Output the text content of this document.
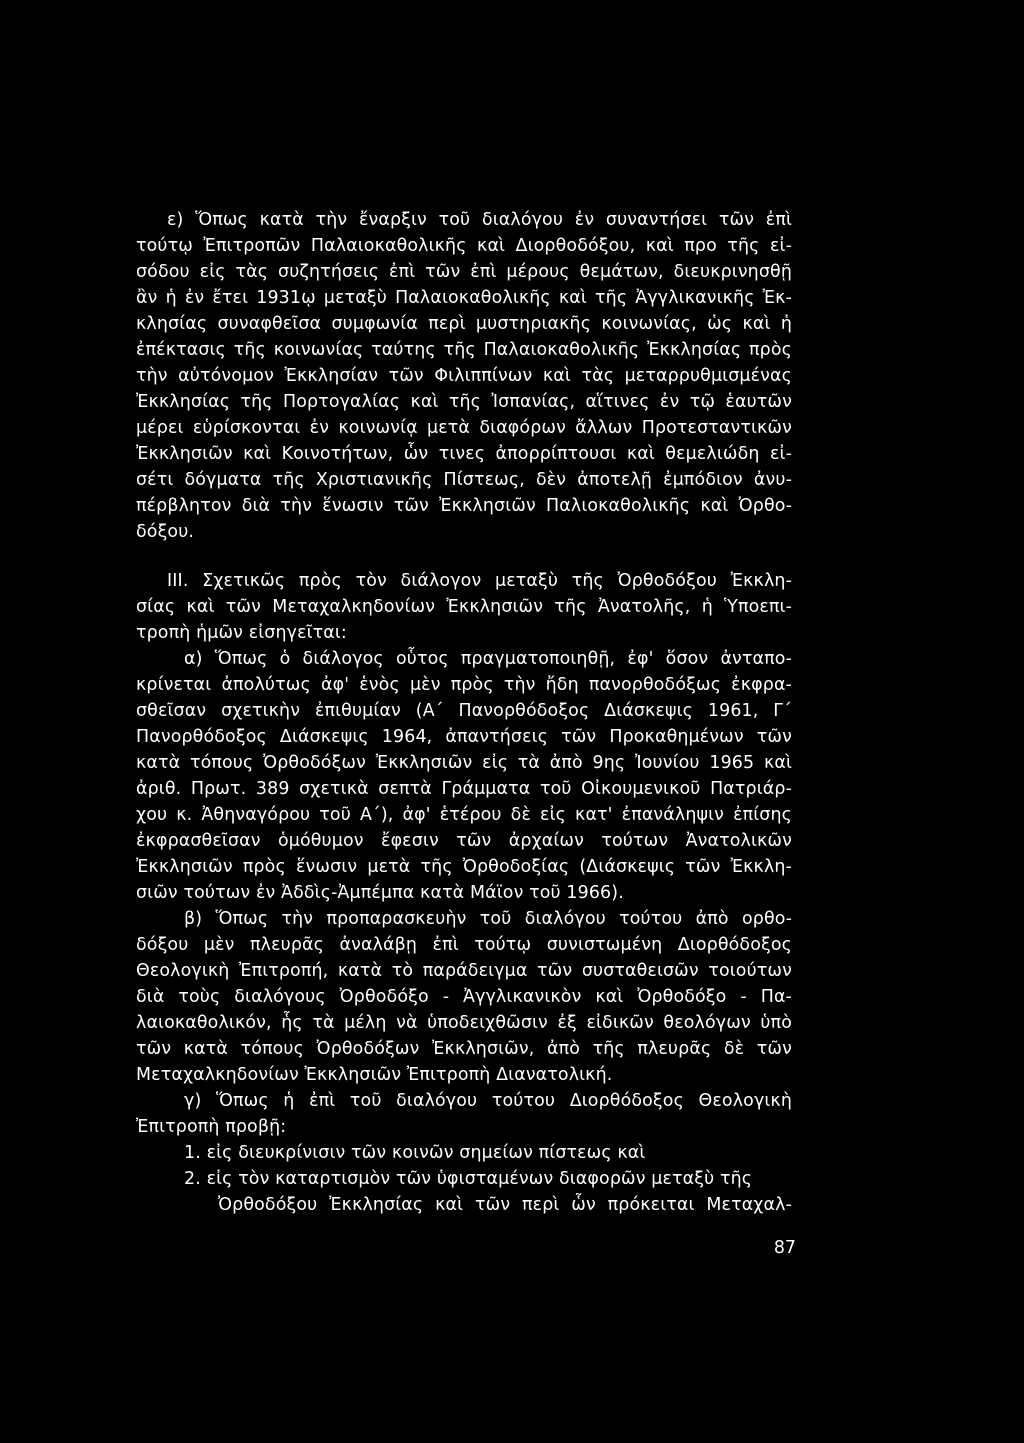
ε) Ὅπως κατὰ τὴν ἔναρξιν τοῦ διαλόγου ἐν συναντήσει τῶν ἐπὶ
τούτῳ Ἐπιτροπῶν Παλαιοκαθολικῆς καὶ Διορθοδόξου, καὶ προ τῆς εἰ-
σόδου εἰς τὰς συζητήσεις ἐπὶ τῶν ἐπὶ μέρους θεμάτων, διευκρινησθῇ
ἂν ἡ ἐν ἔτει 1931ῳ μεταξὺ Παλαιοκαθολικῆς καὶ τῆς Ἀγγλικανικῆς Ἐκ-
κλησίας συναφθεῖσα συμφωνία περὶ μυστηριακῆς κοινωνίας, ὡς καὶ ἡ
ἐπέκτασις τῆς κοινωνίας ταύτης τῆς Παλαιοκαθολικῆς Ἐκκλησίας πρὸς
τὴν αὐτόνομον Ἐκκλησίαν τῶν Φιλιππίνων καὶ τὰς μεταρρυθμισμένας
Ἐκκλησίας τῆς Πορτογαλίας καὶ τῆς Ἰσπανίας, αἵτινες ἐν τῷ ἑαυτῶν
μέρει εὑρίσκονται ἐν κοινωνίᾳ μετὰ διαφόρων ἄλλων Προτεσταντικῶν
Ἐκκλησιῶν καὶ Κοινοτήτων, ὧν τινες ἀπορρίπτουσι καὶ θεμελιώδη εἰ-
σέτι δόγματα τῆς Χριστιανικῆς Πίστεως, δὲν ἀποτελῇ ἐμπόδιον ἀνυ-
πέρβλητον διὰ τὴν ἕνωσιν τῶν Ἐκκλησιῶν Παλιοκαθολικῆς καὶ Ὀρθο-
δόξου.
III. Σχετικῶς πρὸς τὸν διάλογον μεταξὺ τῆς Ὀρθοδόξου Ἐκκλη-
σίας καὶ τῶν Μεταχαλκηδονίων Ἐκκλησιῶν τῆς Ἀνατολῆς, ἡ Ὑποεπι-
τροπὴ ἡμῶν εἰσηγεῖται:
α) Ὅπως ὁ διάλογος οὗτος πραγματοποιηθῇ, ἐφ' ὅσον ἀνταπο-
κρίνεται ἀπολύτως ἀφ' ἑνὸς μὲν πρὸς τὴν ἤδη πανορθοδόξως ἐκφρα-
σθεῖσαν σχετικὴν ἐπιθυμίαν (Α΄ Πανορθόδοξος Διάσκεψις 1961, Γ΄
Πανορθόδοξος Διάσκεψις 1964, ἀπαντήσεις τῶν Προκαθημένων τῶν
κατὰ τόπους Ὀρθοδόξων Ἐκκλησιῶν εἰς τὰ ἀπὸ 9ης Ἰουνίου 1965 καὶ
ἀριθ. Πρωτ. 389 σχετικὰ σεπτὰ Γράμματα τοῦ Οἰκουμενικοῦ Πατριάρ-
χου κ. Ἀθηναγόρου τοῦ Α΄), ἀφ' ἑτέρου δὲ εἰς κατ' ἐπανάληψιν ἐπίσης
ἐκφρασθεῖσαν ὁμόθυμον ἔφεσιν τῶν ἀρχαίων τούτων Ἀνατολικῶν
Ἐκκλησιῶν πρὸς ἕνωσιν μετὰ τῆς Ὀρθοδοξίας (Διάσκεψις τῶν Ἐκκλη-
σιῶν τούτων ἐν Ἀδδὶς-Ἀμπέμπα κατὰ Μάϊον τοῦ 1966).
β) Ὅπως τὴν προπαρασκευὴν τοῦ διαλόγου τούτου ἀπὸ ορθο-
δόξου μὲν πλευρᾶς ἀναλάβῃ ἐπὶ τούτῳ συνιστωμένη Διορθόδοξος
Θεολογικὴ Ἐπιτροπή, κατὰ τὸ παράδειγμα τῶν συσταθεισῶν τοιούτων
διὰ τοὺς διαλόγους Ὀρθοδόξο - Ἀγγλικανικὸν καὶ Ὀρθοδόξο - Πα-
λαιοκαθολικόν, ἧς τὰ μέλη νὰ ὑποδειχθῶσιν ἐξ εἰδικῶν θεολόγων ὑπὸ
τῶν κατὰ τόπους Ὀρθοδόξων Ἐκκλησιῶν, ἀπὸ τῆς πλευρᾶς δὲ τῶν
Μεταχαλκηδονίων Ἐκκλησιῶν Ἐπιτροπὴ Διανατολική.
γ) Ὅπως ἡ ἐπὶ τοῦ διαλόγου τούτου Διορθόδοξος Θεολογικὴ
Ἐπιτροπὴ προβῇ:
1. εἰς διευκρίνισιν τῶν κοινῶν σημείων πίστεως καὶ
2. εἰς τὸν καταρτισμὸν τῶν ὑφισταμένων διαφορῶν μεταξὺ τῆς
Ὀρθοδόξου Ἐκκλησίας καὶ τῶν περὶ ὧν πρόκειται Μεταχαλ-
87
